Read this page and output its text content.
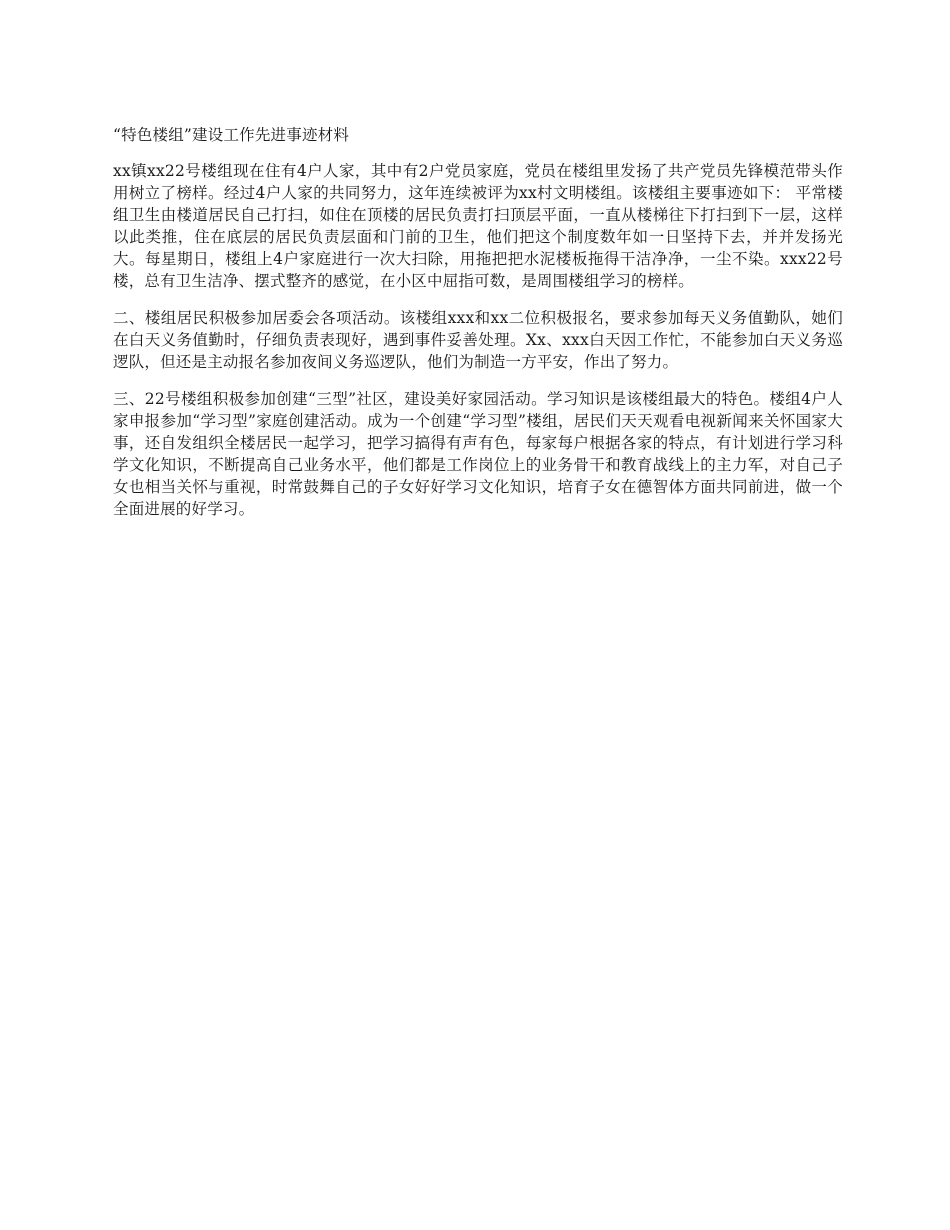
“特色楼组”建设工作先进事迹材料

xx镇xx22号楼组现在住有4户人家，其中有2户党员家庭，党员在楼组里发扬了共产党员先锋模范带头作用树立了榜样。经过4户人家的共同努力，这年连续被评为xx村文明楼组。该楼组主要事迹如下： 平常楼组卫生由楼道居民自己打扫，如住在顶楼的居民负责打扫顶层平面，一直从楼梯往下打扫到下一层，这样以此类推，住在底层的居民负责层面和门前的卫生，他们把这个制度数年如一日坚持下去，并并发扬光大。每星期日，楼组上4户家庭进行一次大扫除，用拖把把水泥楼板拖得干洁净净，一尘不染。xxx22号楼，总有卫生洁净、摆式整齐的感觉，在小区中屈指可数，是周围楼组学习的榜样。

二、楼组居民积极参加居委会各项活动。该楼组xxx和xx二位积极报名，要求参加每天义务值勤队，她们在白天义务值勤时，仔细负责表现好，遇到事件妥善处理。Xx、xxx白天因工作忙，不能参加白天义务巡逻队，但还是主动报名参加夜间义务巡逻队，他们为制造一方平安，作出了努力。

三、22号楼组积极参加创建“三型”社区，建设美好家园活动。学习知识是该楼组最大的特色。楼组4户人家申报参加“学习型”家庭创建活动。成为一个创建“学习型”楼组，居民们天天观看电视新闻来关怀国家大事，还自发组织全楼居民一起学习，把学习搞得有声有色，每家每户根据各家的特点，有计划进行学习科学文化知识，不断提高自己业务水平，他们都是工作岗位上的业务骨干和教育战线上的主力军，对自己子女也相当关怀与重视，时常鼓舞自己的子女好好学习文化知识，培育子女在德智体方面共同前进，做一个全面进展的好学习。
